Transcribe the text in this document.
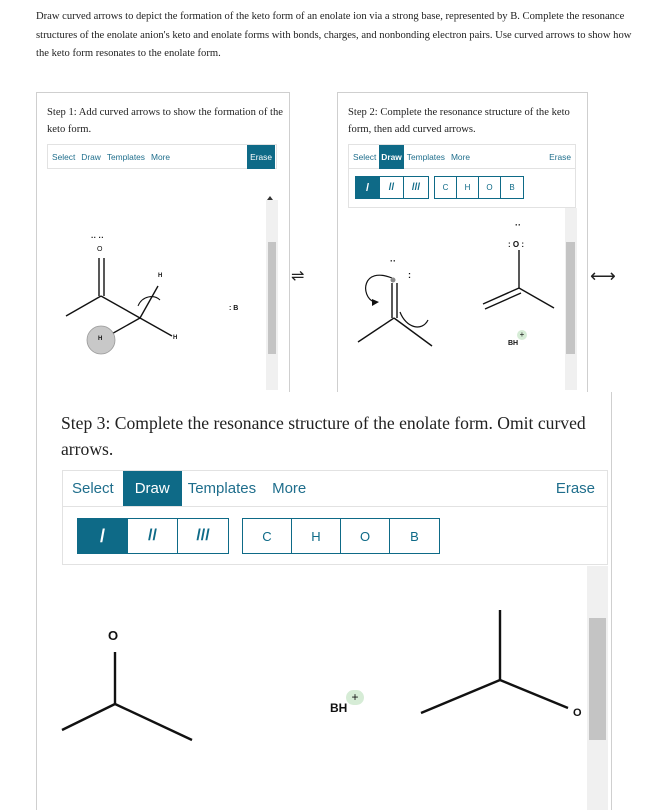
Draw curved arrows to depict the formation of the keto form of an enolate ion via a strong base, represented by B. Complete the resonance structures of the enolate anion's keto and enolate forms with bonds, charges, and nonbonding electron pairs. Use curved arrows to show how the keto form resonates to the enolate form.
Step 1: Add curved arrows to show the formation of the keto form.
Select Draw Templates More	Erase
·· ··
O
H
H	H
: B
⇌
Step 2: Complete the resonance structure of the keto form, then add curved arrows.
Select Draw Templates More	Erase
/	//	///	C	H	O	B
··
:
··
: O :
BH
+
⟷
Step 3: Complete the resonance structure of the enolate form. Omit curved arrows.
Select	Draw	Templates More	Erase
/	//	///	C	H	O	B
O
BH
+
O
